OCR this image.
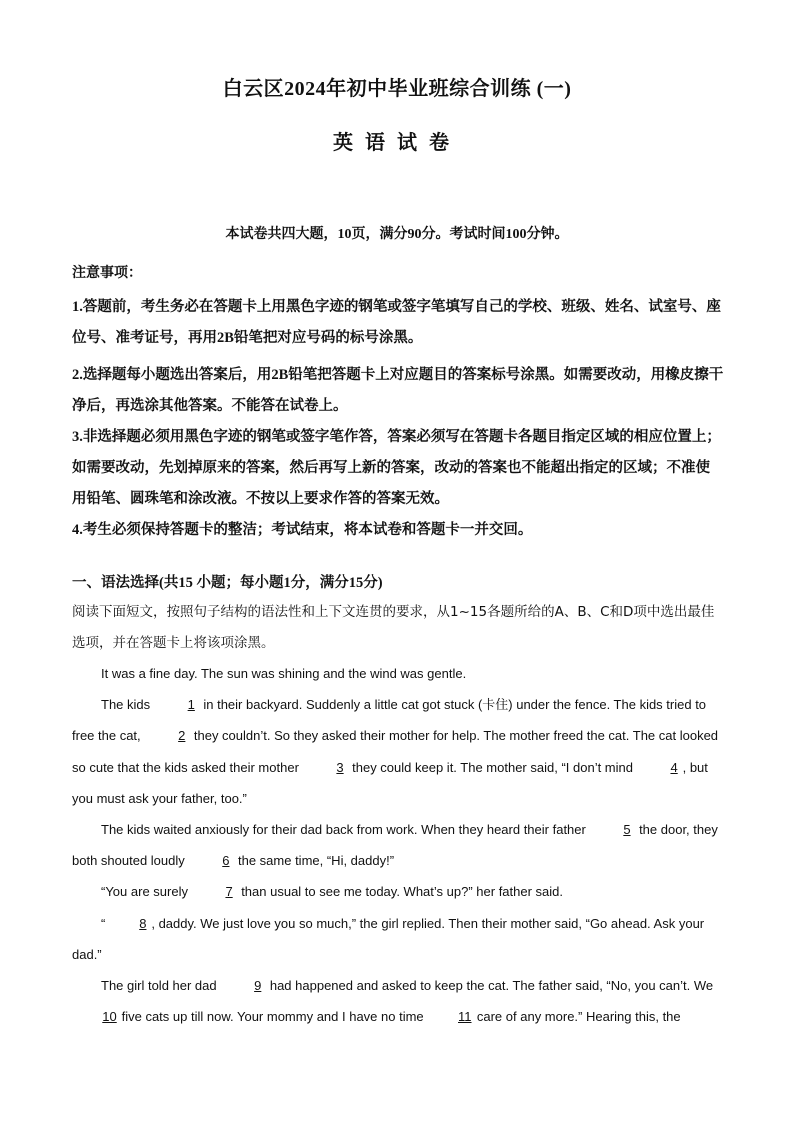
白云区2024年初中毕业班综合训练 (一)
英语试卷
本试卷共四大题，10页，满分90分。考试时间100分钟。
注意事项：
1.答题前，考生务必在答题卡上用黑色字迹的钢笔或签字笔填写自己的学校、班级、姓名、试室号、座位号、准考证号，再用2B铅笔把对应号码的标号涂黑。
2.选择题每小题选出答案后，用2B铅笔把答题卡上对应题目的答案标号涂黑。如需要改动，用橡皮擦干净后，再选涂其他答案。不能答在试卷上。
3.非选择题必须用黑色字迹的钢笔或签字笔作答，答案必须写在答题卡各题目指定区域的相应位置上；如需要改动，先划掉原来的答案，然后再写上新的答案，改动的答案也不能超出指定的区域；不准使用铅笔、圆珠笔和涂改液。不按以上要求作答的答案无效。
4.考生必须保持答题卡的整洁；考试结束，将本试卷和答题卡一并交回。
一、语法选择(共15 小题；每小题1分，满分15分)
阅读下面短文，按照句子结构的语法性和上下文连贯的要求，从1~15各题所给的A、B、C和D项中选出最佳选项，并在答题卡上将该项涂黑。

It was a fine day. The sun was shining and the wind was gentle.

The kids	1 in their backyard. Suddenly a little cat got stuck (卡住) under the fence. The kids tried to free the cat,	2 they couldn’t. So they asked their mother for help. The mother freed the cat. The cat looked so cute that the kids asked their mother	3 they could keep it. The mother said, “I don’t mind	4 , but you must ask your father, too.”

The kids waited anxiously for their dad back from work. When they heard their father	5 the door, they both shouted loudly	6 the same time, “Hi, daddy!”

“You are surely	7 than usual to see me today. What’s up?” her father said.

“	8 , daddy. We just love you so much,” the girl replied. Then their mother said, “Go ahead. Ask your dad.”

The girl told her dad	9 had happened and asked to keep the cat. The father said, “No, you can’t. We 10 five cats up till now. Your mommy and I have no time 11 care of any more.” Hearing this, the
